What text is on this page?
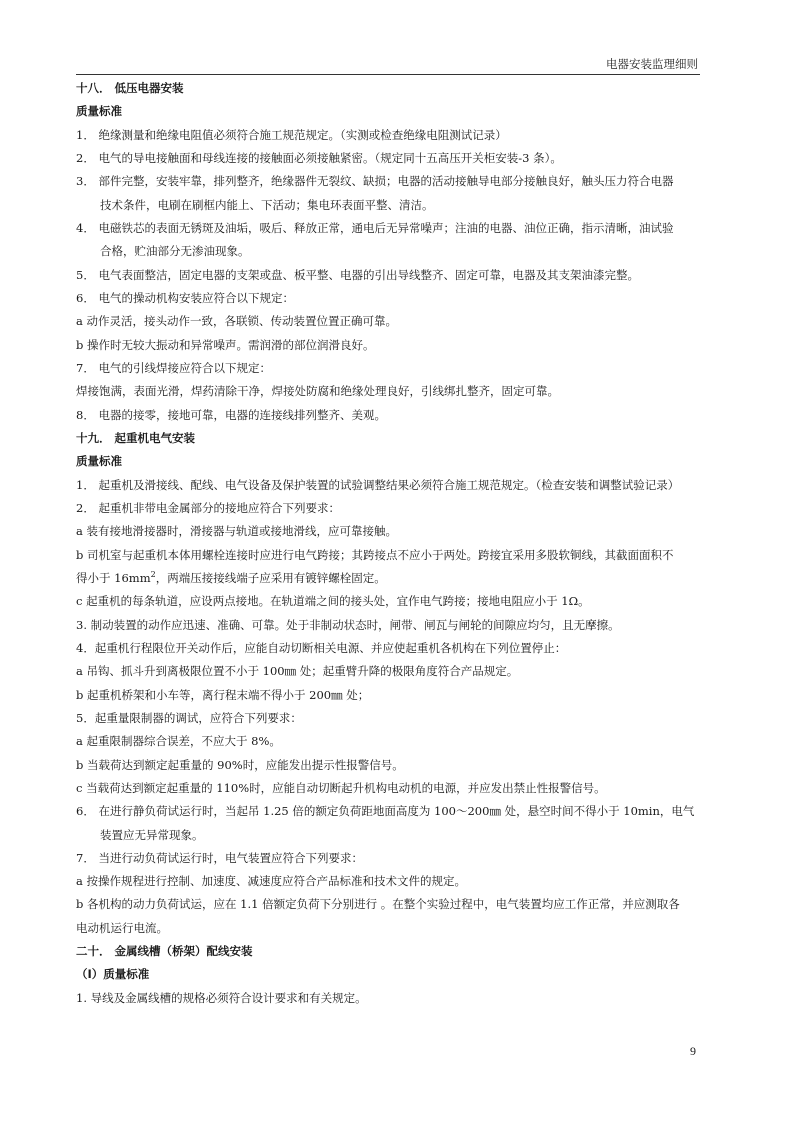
电器安装监理细则
十八． 低压电器安装
质量标准
1． 绝缘测量和绝缘电阻值必须符合施工规范规定。（实测或检查绝缘电阻测试记录）
2． 电气的导电接触面和母线连接的接触面必须接触紧密。（规定同十五高压开关柜安装-3 条）。
3． 部件完整，安装牢靠，排列整齐，绝缘器件无裂纹、缺损；电器的活动接触导电部分接触良好，触头压力符合电器
技术条件，电刷在刷框内能上、下活动；集电环表面平整、清洁。
4． 电磁铁芯的表面无锈斑及油垢，吸后、释放正常，通电后无异常噪声；注油的电器、油位正确，指示清晰，油试验
合格，贮油部分无渗油现象。
5． 电气表面整洁，固定电器的支架或盘、板平整、电器的引出导线整齐、固定可靠，电器及其支架油漆完整。
6． 电气的操动机构安装应符合以下规定：
a 动作灵活，接头动作一致，各联锁、传动装置位置正确可靠。
b 操作时无较大振动和异常噪声。需润滑的部位润滑良好。
7． 电气的引线焊接应符合以下规定：
焊接饱满，表面光滑，焊药清除干净，焊接处防腐和绝缘处理良好，引线绑扎整齐，固定可靠。
8． 电器的接零，接地可靠，电器的连接线排列整齐、美观。
十九． 起重机电气安装
质量标准
1． 起重机及滑接线、配线、电气设备及保护装置的试验调整结果必须符合施工规范规定。（检查安装和调整试验记录）
2． 起重机非带电金属部分的接地应符合下列要求：
a 装有接地滑接器时，滑接器与轨道或接地滑线，应可靠接触。
b 司机室与起重机本体用螺栓连接时应进行电气跨接；其跨接点不应小于两处。跨接宜采用多股软铜线，其截面面积不
得小于 $16mm^2$，两端压接接线端子应采用有镀锌螺栓固定。
c 起重机的每条轨道，应设两点接地。在轨道端之间的接头处，宜作电气跨接；接地电阻应小于 1Ω。
3. 制动装置的动作应迅速、准确、可靠。处于非制动状态时，闸带、闸瓦与闸轮的间隙应均匀，且无摩擦。
4．起重机行程限位开关动作后，应能自动切断相关电源、并应使起重机各机构在下列位置停止：
a 吊钩、抓斗升到离极限位置不小于 100㎜ 处；起重臂升降的极限角度符合产品规定。
b 起重机桥架和小车等，离行程末端不得小于 200㎜ 处；
5．起重量限制器的调试，应符合下列要求：
a 起重限制器综合误差，不应大于 8%。
b 当载荷达到额定起重量的 90%时，应能发出提示性报警信号。
c 当载荷达到额定起重量的 110%时，应能自动切断起升机构电动机的电源，并应发出禁止性报警信号。
6． 在进行静负荷试运行时，当起吊 1.25 倍的额定负荷距地面高度为 100～200㎜ 处，悬空时间不得小于 10min，电气
装置应无异常现象。
7． 当进行动负荷试运行时，电气装置应符合下列要求：
a 按操作规程进行控制、加速度、减速度应符合产品标准和技术文件的规定。
b 各机构的动力负荷试运，应在 1.1 倍额定负荷下分别进行 。在整个实验过程中，电气装置均应工作正常，并应测取各
电动机运行电流。
二十． 金属线槽（桥架）配线安装
（I）质量标准
1. 导线及金属线槽的规格必须符合设计要求和有关规定。
9
